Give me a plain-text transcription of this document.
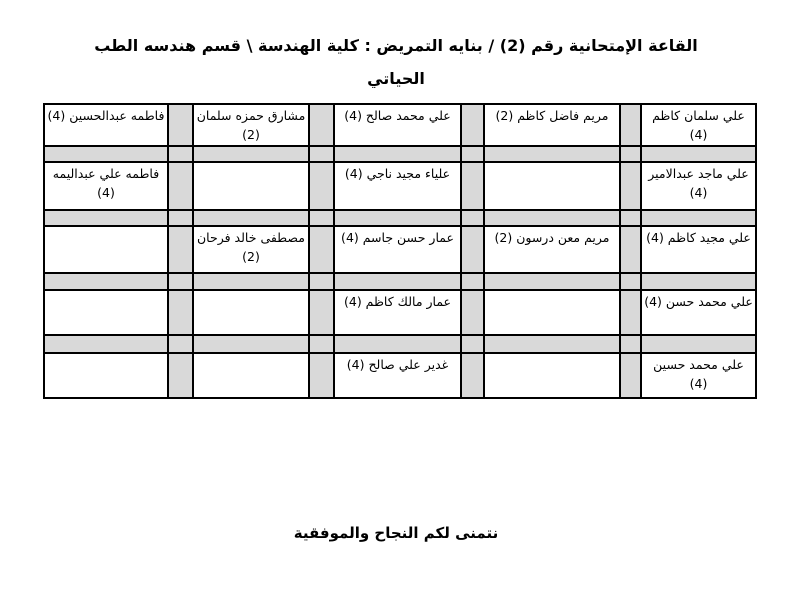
القاعة الإمتحانية رقم (2) / بنايه التمريض : كلية الهندسة \ قسم هندسه الطب
الحياتي
علي سلمان كاظم (4)		مريم فاضل كاظم (2)		علي محمد صالح (4)		مشارق حمزه سلمان (2)		فاطمه عبدالحسين (4)

علي ماجد عبدالامير (4)				علياء مجيد ناجي (4)				فاطمه علي عبداليمه (4)

علي مجيد كاظم (4)		مريم معن درسون (2)		عمار حسن جاسم (4)		مصطفى خالد فرحان (2)		

علي محمد حسن (4)				عمار مالك كاظم (4)				

علي محمد حسين (4)				غدير علي صالح (4)				
نتمنى لكم النجاح والموفقية
